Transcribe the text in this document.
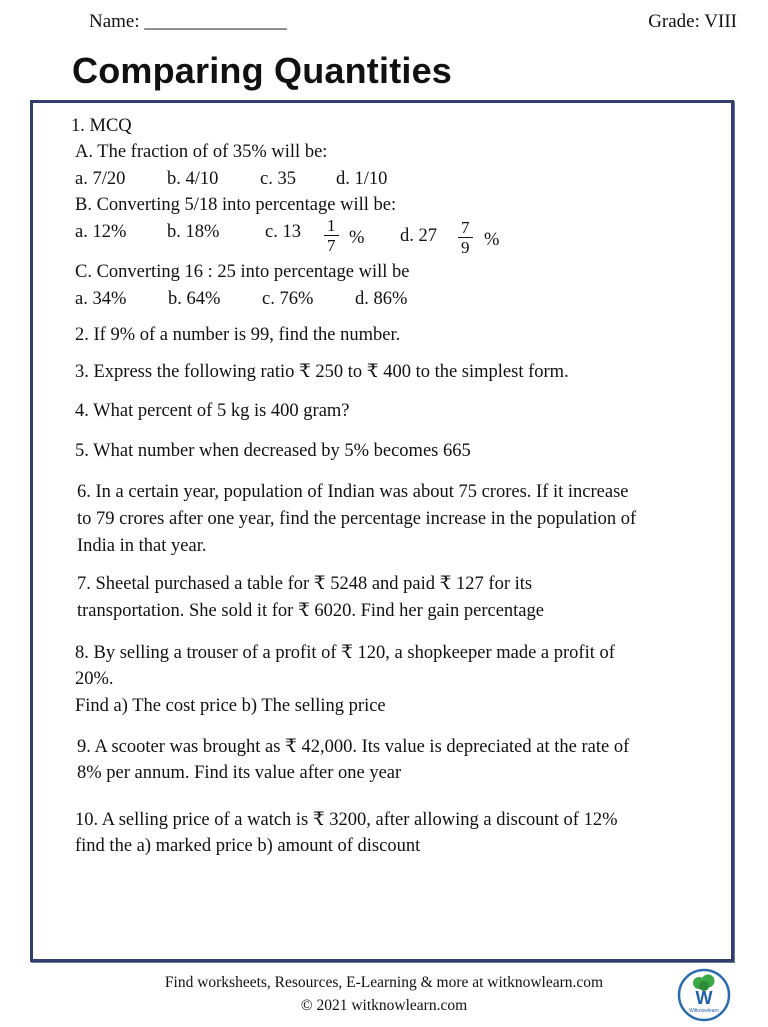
Name: _______________	Grade: VIII
Comparing Quantities
1. MCQ
A. The fraction of of 35% will be:
a. 7/20 b. 4/10 c. 35 d. 1/10
B. Converting 5/18 into percentage will be:
a. 12% b. 18% c. $13 \frac{1}{7}$ % d. $27 \frac{7}{9}$ %
C. Converting 16 : 25 into percentage will be
a. 34% b. 64% c. 76% d. 86%
2. If 9% of a number is 99, find the number.
3. Express the following ratio ₹ 250 to ₹ 400 to the simplest form.
4. What percent of 5 kg is 400 gram?
5. What number when decreased by 5% becomes 665
6. In a certain year, population of Indian was about 75 crores. If it increase
to 79 crores after one year, find the percentage increase in the population of
India in that year.
7. Sheetal purchased a table for ₹ 5248 and paid ₹ 127 for its
transportation. She sold it for ₹ 6020. Find her gain percentage
8. By selling a trouser of a profit of ₹ 120, a shopkeeper made a profit of
20%.
Find a) The cost price b) The selling price
9. A scooter was brought as ₹ 42,000. Its value is depreciated at the rate of
8% per annum. Find its value after one year
10. A selling price of a watch is ₹ 3200, after allowing a discount of 12%
find the a) marked price b) amount of discount
Find worksheets, Resources, E-Learning & more at witknowlearn.com
© 2021 witknowlearn.com	W
Witknowlearn
